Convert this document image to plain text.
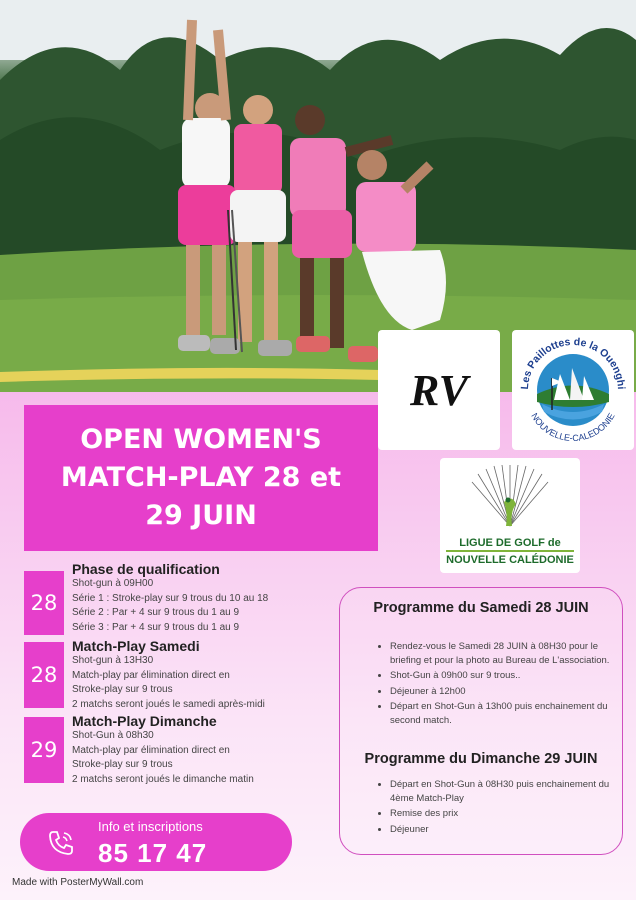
RV	Les Paillottes de la Ouenghi
NOUVELLE-CALEDONIE
LIGUE DE GOLF de
NOUVELLE CALÉDONIE
OPEN WOMEN'S
MATCH-PLAY 28 et
29 JUIN
28
Phase de qualification
Shot-gun à 09H00
Série 1 : Stroke-play sur 9 trous du 10 au 18
Série 2 : Par + 4 sur 9 trous du 1 au 9
Série 3 : Par + 4 sur 9 trous du 1 au 9
28
Match-Play Samedi
Shot-gun à 13H30
Match-play par élimination direct en
Stroke-play sur 9 trous
2 matchs seront joués le samedi après-midi
29
Match-Play Dimanche
Shot-Gun à 08h30
Match-play par élimination direct en
Stroke-play sur 9 trous
2 matchs seront joués le dimanche matin
Programme du Samedi 28 JUIN
• Rendez-vous le Samedi 28 JUIN à 08H30 pour le briefing et pour la photo au Bureau de L'association.
• Shot-Gun à 09h00 sur 9 trous..
• Déjeuner à 12h00
• Départ en Shot-Gun à 13h00 puis enchainement du second match.
Programme du Dimanche 29 JUIN
• Départ en Shot-Gun à 08H30 puis enchainement du 4ème Match-Play
• Remise des prix
• Déjeuner
Info et inscriptions
85 17 47
Made with PosterMyWall.com
